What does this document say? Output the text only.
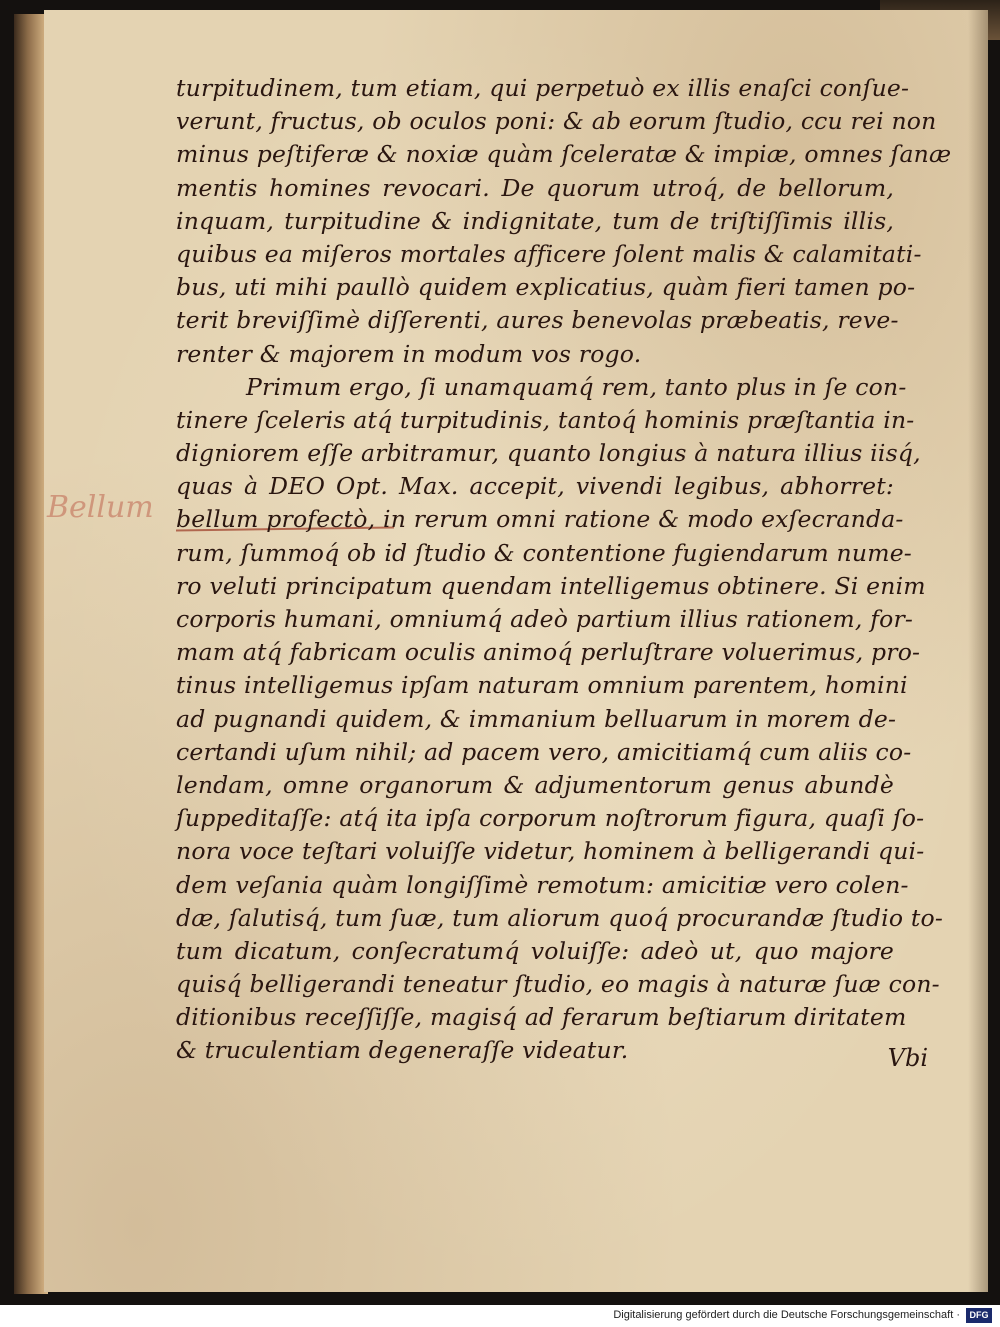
Bellum
turpitudinem, tum etiam, qui perpetuò ex illis enaſci conſue-
verunt, fructus, ob oculos poni: & ab eorum ſtudio, ccu rei non
minus peſtiferæ & noxiæ quàm ſceleratæ & impiæ, omnes ſanæ
mentis homines revocari. De quorum utroq́, de bellorum,
inquam, turpitudine & indignitate, tum de triſtiſſimis illis,
quibus ea miſeros mortales afficere ſolent malis & calamitati-
bus, uti mihi paullò quidem explicatius, quàm fieri tamen po-
terit breviſſimè diſſerenti, aures benevolas præbeatis, reve-
renter & majorem in modum vos rogo.
Primum ergo, ſi unamquamq́ rem, tanto plus in ſe con-
tinere ſceleris atq́ turpitudinis, tantoq́ hominis præſtantia in-
digniorem eſſe arbitramur, quanto longius à natura illius iisq́,
quas à DEO Opt. Max. accepit, vivendi legibus, abhorret:
bellum profectò, in rerum omni ratione & modo exſecranda-
rum, ſummoq́ ob id ſtudio & contentione fugiendarum nume-
ro veluti principatum quendam intelligemus obtinere. Si enim
corporis humani, omniumq́ adeò partium illius rationem, for-
mam atq́ fabricam oculis animoq́ perluſtrare voluerimus, pro-
tinus intelligemus ipſam naturam omnium parentem, homini
ad pugnandi quidem, & immanium belluarum in morem de-
certandi uſum nihil; ad pacem vero, amicitiamq́ cum aliis co-
lendam, omne organorum & adjumentorum genus abundè
ſuppeditaſſe: atq́ ita ipſa corporum noſtrorum figura, quaſi ſo-
nora voce teſtari voluiſſe videtur, hominem à belligerandi qui-
dem veſania quàm longiſſimè remotum: amicitiæ vero colen-
dæ, ſalutisq́, tum ſuæ, tum aliorum quoq́ procurandæ ſtudio to-
tum dicatum, conſecratumq́ voluiſſe: adeò ut, quo majore
quisq́ belligerandi teneatur ſtudio, eo magis à naturæ ſuæ con-
ditionibus receſſiſſe, magisq́ ad ferarum beſtiarum diritatem
& truculentiam degeneraſſe videatur.	Vbi
Digitalisierung gefördert durch die Deutsche Forschungsgemeinschaft ·	DFG
